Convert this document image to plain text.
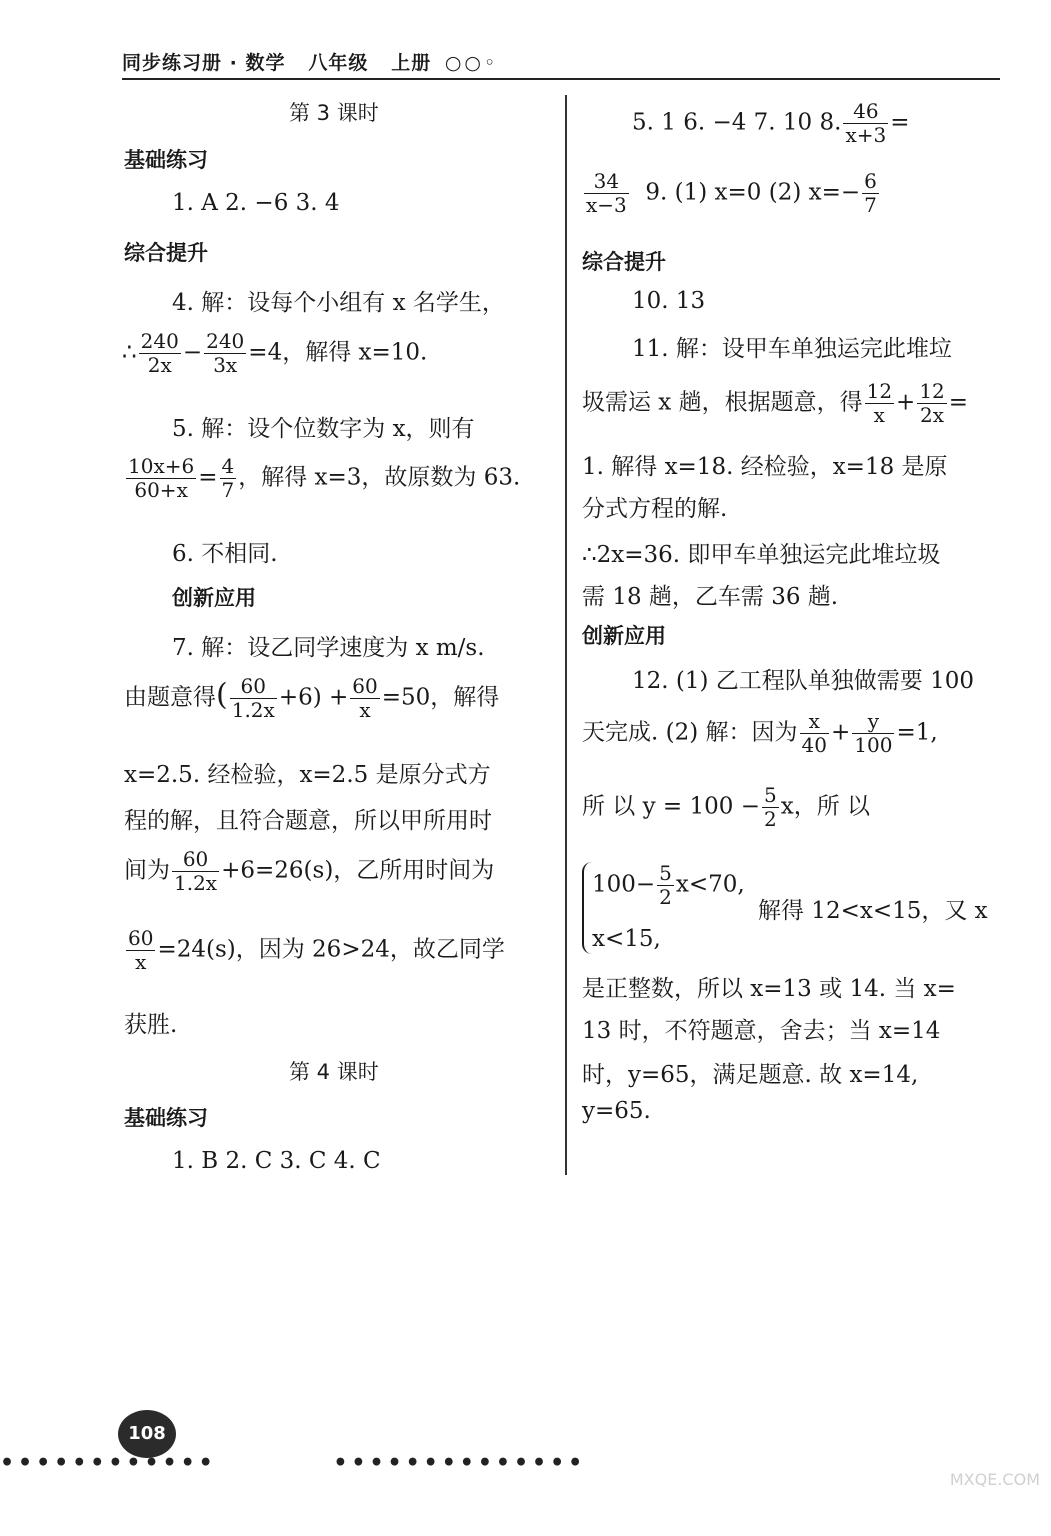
同步练习册 · 数学 八年级 上册 ○○◦
第 3 课时
基础练习
1. A 2. −6 3. 4
综合提升
4. 解：设每个小组有 x 名学生，
∴ $\frac{240}{2x} - \frac{240}{3x} =4$，解得 x=10.
5. 解：设个位数字为 x，则有
$\frac{10x+6}{60+x} = \frac{4}{7}$ ，解得 x=3，故原数为 63.
6. 不相同.
创新应用
7. 解：设乙同学速度为 x m/s.
由题意得( $\frac{60}{1.2x} +6) + \frac{60}{x} =50$，解得
x=2.5. 经检验，x=2.5 是原分式方
程的解，且符合题意，所以甲所用时
间为 $\frac{60}{1.2x} +6=26(s)$，乙所用时间为
$\frac{60}{x} =24(s)$，因为 26>24，故乙同学
获胜.
第 4 课时
基础练习
1. B 2. C 3. C 4. C
5. 1 6. −4 7. 10 8. $\frac{46}{x+3}$ =
$\frac{34}{x-3} 9$. (1) x=0 (2) $x=- \frac{6}{7}$
综合提升
10. 13
11. 解：设甲车单独运完此堆垃
圾需运 x 趟，根据题意，得 $\frac{12}{x} + \frac{12}{2x}$ =
1. 解得 x=18. 经检验，x=18 是原
分式方程的解.
∴2x=36. 即甲车单独运完此堆垃圾
需 18 趟，乙车需 36 趟.
创新应用
12. (1) 乙工程队单独做需要 100
天完成. (2) 解：因为 $\frac{x}{40} + \frac{y}{100} =1$,
所 以 $y = 100 - \frac{5}{2}$ x，所 以
$100- \frac{5}{2} x<70$,
解得 12<x<15，又 x
x<15,
是正整数，所以 x=13 或 14. 当 x=
13 时，不符题意，舍去；当 x=14
时，y=65，满足题意. 故 x=14,
y=65.
108
••••••••••••          ••••••••••••••
MXQE.COM
